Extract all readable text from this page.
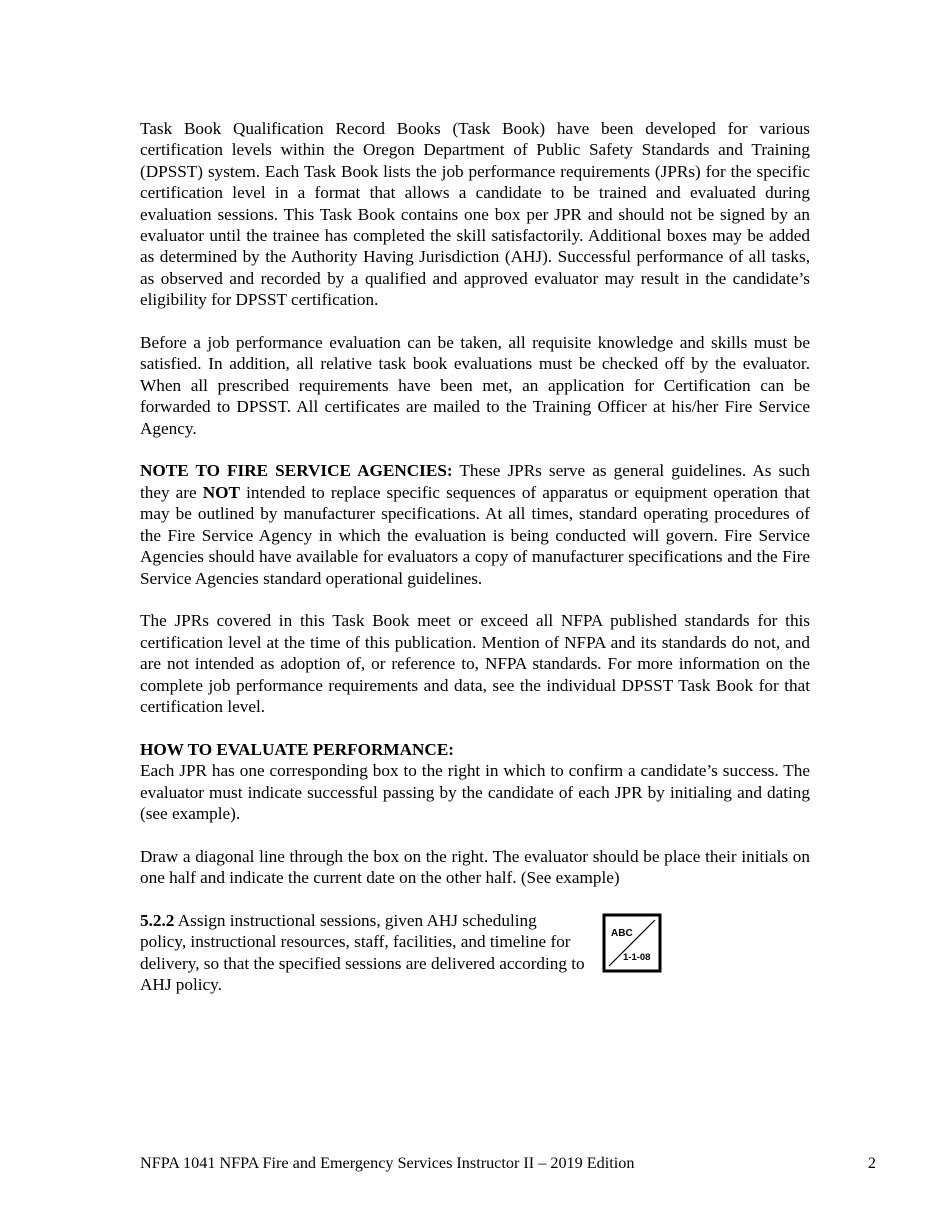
Task Book Qualification Record Books (Task Book) have been developed for various certification levels within the Oregon Department of Public Safety Standards and Training (DPSST) system. Each Task Book lists the job performance requirements (JPRs) for the specific certification level in a format that allows a candidate to be trained and evaluated during evaluation sessions. This Task Book contains one box per JPR and should not be signed by an evaluator until the trainee has completed the skill satisfactorily. Additional boxes may be added as determined by the Authority Having Jurisdiction (AHJ). Successful performance of all tasks, as observed and recorded by a qualified and approved evaluator may result in the candidate’s eligibility for DPSST certification.

Before a job performance evaluation can be taken, all requisite knowledge and skills must be satisfied. In addition, all relative task book evaluations must be checked off by the evaluator. When all prescribed requirements have been met, an application for Certification can be forwarded to DPSST. All certificates are mailed to the Training Officer at his/her Fire Service Agency.

NOTE TO FIRE SERVICE AGENCIES: These JPRs serve as general guidelines. As such they are NOT intended to replace specific sequences of apparatus or equipment operation that may be outlined by manufacturer specifications. At all times, standard operating procedures of the Fire Service Agency in which the evaluation is being conducted will govern. Fire Service Agencies should have available for evaluators a copy of manufacturer specifications and the Fire Service Agencies standard operational guidelines.

The JPRs covered in this Task Book meet or exceed all NFPA published standards for this certification level at the time of this publication. Mention of NFPA and its standards do not, and are not intended as adoption of, or reference to, NFPA standards. For more information on the complete job performance requirements and data, see the individual DPSST Task Book for that certification level.

HOW TO EVALUATE PERFORMANCE:

Each JPR has one corresponding box to the right in which to confirm a candidate’s success. The evaluator must indicate successful passing by the candidate of each JPR by initialing and dating (see example).

Draw a diagonal line through the box on the right. The evaluator should be place their initials on one half and indicate the current date on the other half. (See example)

5.2.2 Assign instructional sessions, given AHJ scheduling policy, instructional resources, staff, facilities, and timeline for delivery, so that the specified sessions are delivered according to AHJ policy.

ABC
1-1-08
NFPA 1041 NFPA Fire and Emergency Services Instructor II – 2019 Edition	2
